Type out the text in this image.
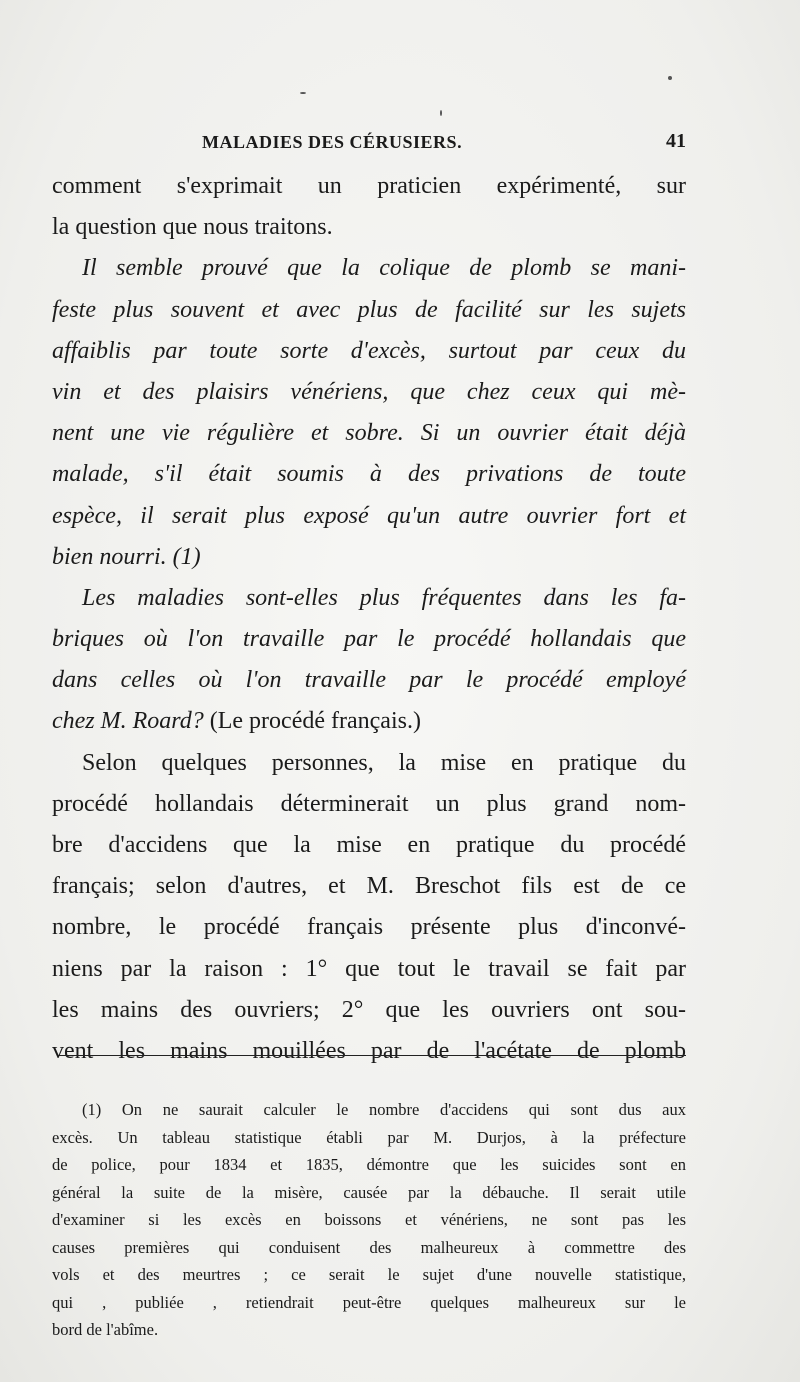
MALADIES DES CÉRUSIERS.	41
comment s'exprimait un praticien expérimenté, sur
la question que nous traitons.
Il semble prouvé que la colique de plomb se mani-
feste plus souvent et avec plus de facilité sur les sujets
affaiblis par toute sorte d'excès, surtout par ceux du
vin et des plaisirs vénériens, que chez ceux qui mè-
nent une vie régulière et sobre. Si un ouvrier était déjà
malade, s'il était soumis à des privations de toute
espèce, il serait plus exposé qu'un autre ouvrier fort et
bien nourri. (1)
Les maladies sont-elles plus fréquentes dans les fa-
briques où l'on travaille par le procédé hollandais que
dans celles où l'on travaille par le procédé employé
chez M. Roard? (Le procédé français.)
Selon quelques personnes, la mise en pratique du
procédé hollandais déterminerait un plus grand nom-
bre d'accidens que la mise en pratique du procédé
français; selon d'autres, et M. Breschot fils est de ce
nombre, le procédé français présente plus d'inconvé-
niens par la raison : 1° que tout le travail se fait par
les mains des ouvriers; 2° que les ouvriers ont sou-
vent les mains mouillées par de l'acétate de plomb
(1) On ne saurait calculer le nombre d'accidens qui sont dus aux
excès. Un tableau statistique établi par M. Durjos, à la préfecture
de police, pour 1834 et 1835, démontre que les suicides sont en
général la suite de la misère, causée par la débauche. Il serait utile
d'examiner si les excès en boissons et vénériens, ne sont pas les
causes premières qui conduisent des malheureux à commettre des
vols et des meurtres ; ce serait le sujet d'une nouvelle statistique,
qui , publiée , retiendrait peut-être quelques malheureux sur le
bord de l'abîme.
